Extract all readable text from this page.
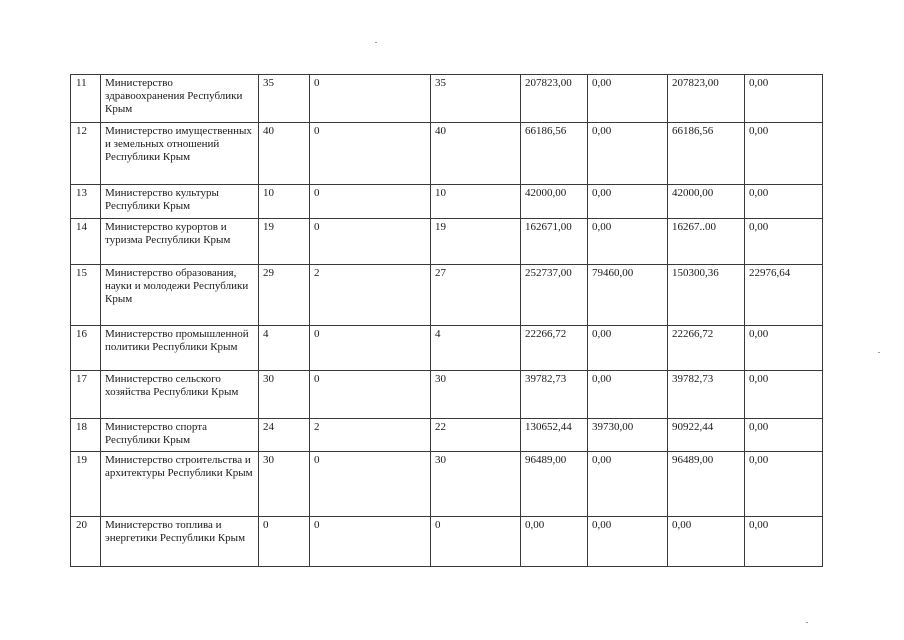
11	Министерство здравоохранения Республики Крым	35	0	35	207823,00	0,00	207823,00	0,00
12	Министерство имущественных и земельных отношений Республики Крым	40	0	40	66186,56	0,00	66186,56	0,00
13	Министерство культуры Республики Крым	10	0	10	42000,00	0,00	42000,00	0,00
14	Министерство курортов и туризма Республики Крым	19	0	19	162671,00	0,00	16267..00	0,00
15	Министерство образования, науки и молодежи Республики Крым	29	2	27	252737,00	79460,00	150300,36	22976,64
16	Министерство промышленной политики Республики Крым	4	0	4	22266,72	0,00	22266,72	0,00
17	Министерство сельского хозяйства Республики Крым	30	0	30	39782,73	0,00	39782,73	0,00
18	Министерство спорта Республики Крым	24	2	22	130652,44	39730,00	90922,44	0,00
19	Министерство строительства и архитектуры Республики Крым	30	0	30	96489,00	0,00	96489,00	0,00
20	Министерство топлива и энергетики Республики Крым	0	0	0	0,00	0,00	0,00	0,00
